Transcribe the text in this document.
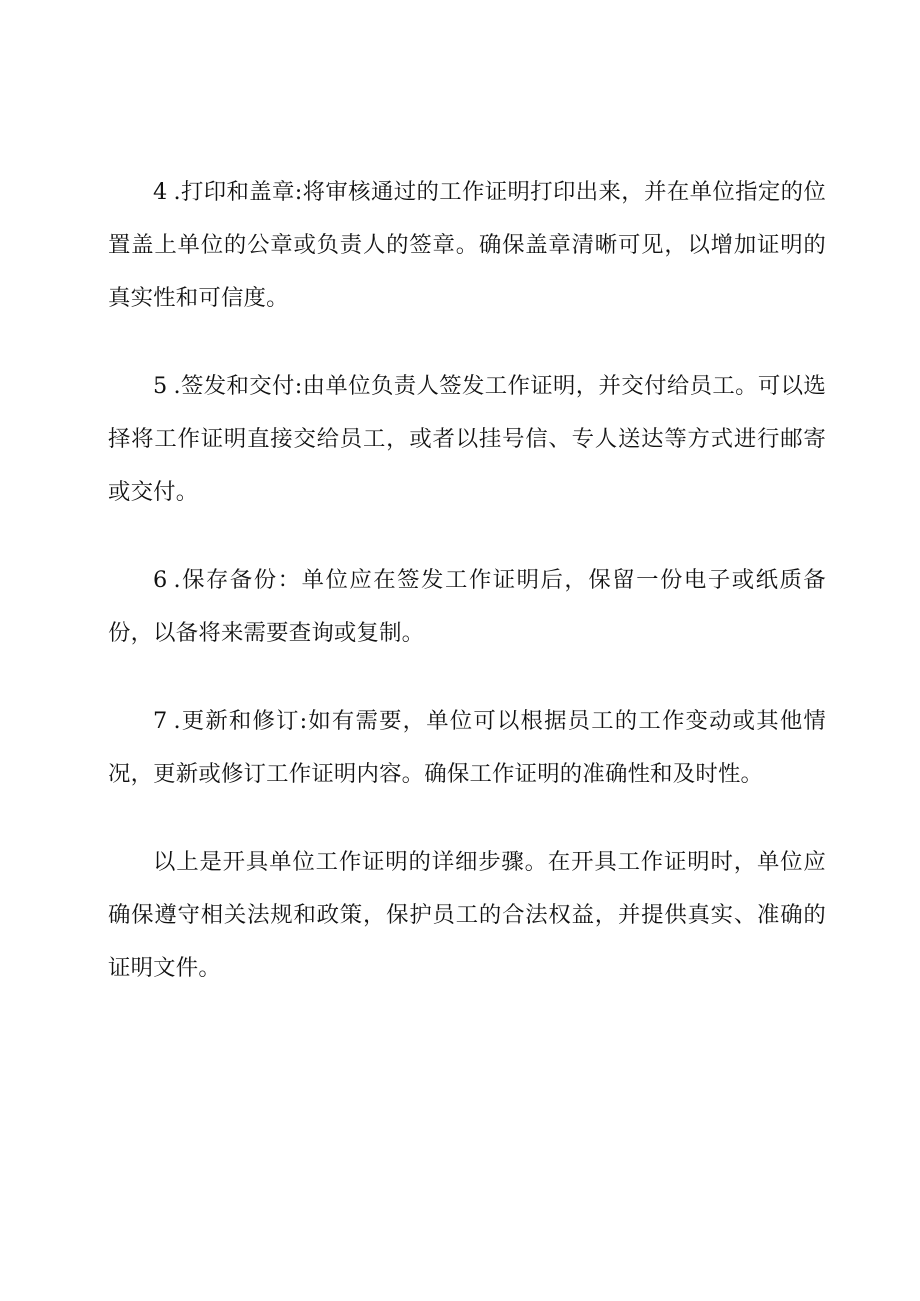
4 .打印和盖章:将审核通过的工作证明打印出来，并在单位指定的位置盖上单位的公章或负责人的签章。确保盖章清晰可见，以增加证明的真实性和可信度。

5 .签发和交付:由单位负责人签发工作证明，并交付给员工。可以选择将工作证明直接交给员工，或者以挂号信、专人送达等方式进行邮寄或交付。

6 .保存备份：单位应在签发工作证明后，保留一份电子或纸质备份，以备将来需要查询或复制。

7 .更新和修订:如有需要，单位可以根据员工的工作变动或其他情况，更新或修订工作证明内容。确保工作证明的准确性和及时性。

以上是开具单位工作证明的详细步骤。在开具工作证明时，单位应确保遵守相关法规和政策，保护员工的合法权益，并提供真实、准确的证明文件。
